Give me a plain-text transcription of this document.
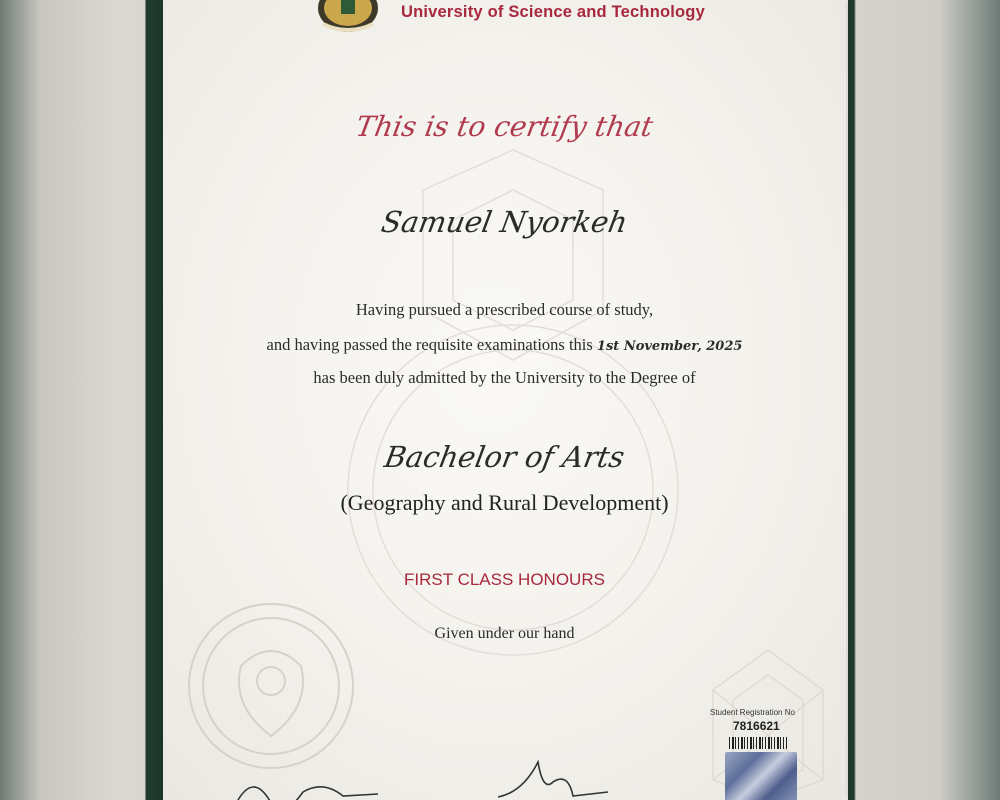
University of Science and Technology
This is to certify that
Samuel Nyorkeh
Having pursued a prescribed course of study,
and having passed the requisite examinations this 1st November, 2025
has been duly admitted by the University to the Degree of
Bachelor of Arts
(Geography and Rural Development)
FIRST CLASS HONOURS
Given under our hand
Student Registration No
7816621
